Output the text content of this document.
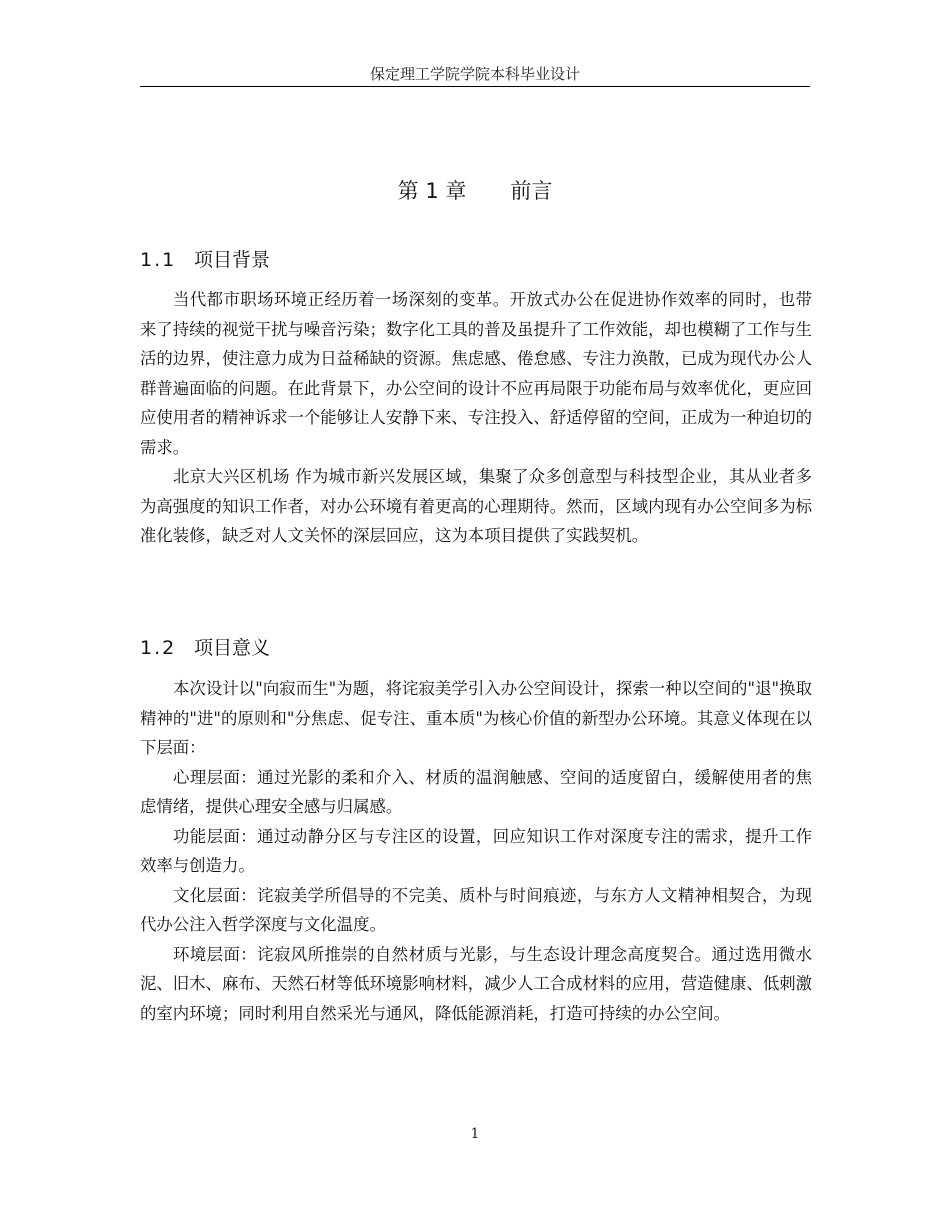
保定理工学院学院本科毕业设计
第 1 章 前言
1.1 项目背景

当代都市职场环境正经历着一场深刻的变革。开放式办公在促进协作效率的同时，也带来了持续的视觉干扰与噪音污染；数字化工具的普及虽提升了工作效能，却也模糊了工作与生活的边界，使注意力成为日益稀缺的资源。焦虑感、倦怠感、专注力涣散，已成为现代办公人群普遍面临的问题。在此背景下，办公空间的设计不应再局限于功能布局与效率优化，更应回应使用者的精神诉求一个能够让人安静下来、专注投入、舒适停留的空间，正成为一种迫切的需求。

北京大兴区机场 作为城市新兴发展区域，集聚了众多创意型与科技型企业，其从业者多为高强度的知识工作者，对办公环境有着更高的心理期待。然而，区域内现有办公空间多为标准化装修，缺乏对人文关怀的深层回应，这为本项目提供了实践契机。

1.2 项目意义

本次设计以"向寂而生"为题，将诧寂美学引入办公空间设计，探索一种以空间的"退"换取精神的"进"的原则和"分焦虑、促专注、重本质"为核心价值的新型办公环境。其意义体现在以下层面：

心理层面：通过光影的柔和介入、材质的温润触感、空间的适度留白，缓解使用者的焦虑情绪，提供心理安全感与归属感。

功能层面：通过动静分区与专注区的设置，回应知识工作对深度专注的需求，提升工作效率与创造力。

文化层面：诧寂美学所倡导的不完美、质朴与时间痕迹，与东方人文精神相契合，为现代办公注入哲学深度与文化温度。

环境层面：诧寂风所推崇的自然材质与光影，与生态设计理念高度契合。通过选用微水泥、旧木、麻布、天然石材等低环境影响材料，减少人工合成材料的应用，营造健康、低刺激的室内环境；同时利用自然采光与通风，降低能源消耗，打造可持续的办公空间。

1
